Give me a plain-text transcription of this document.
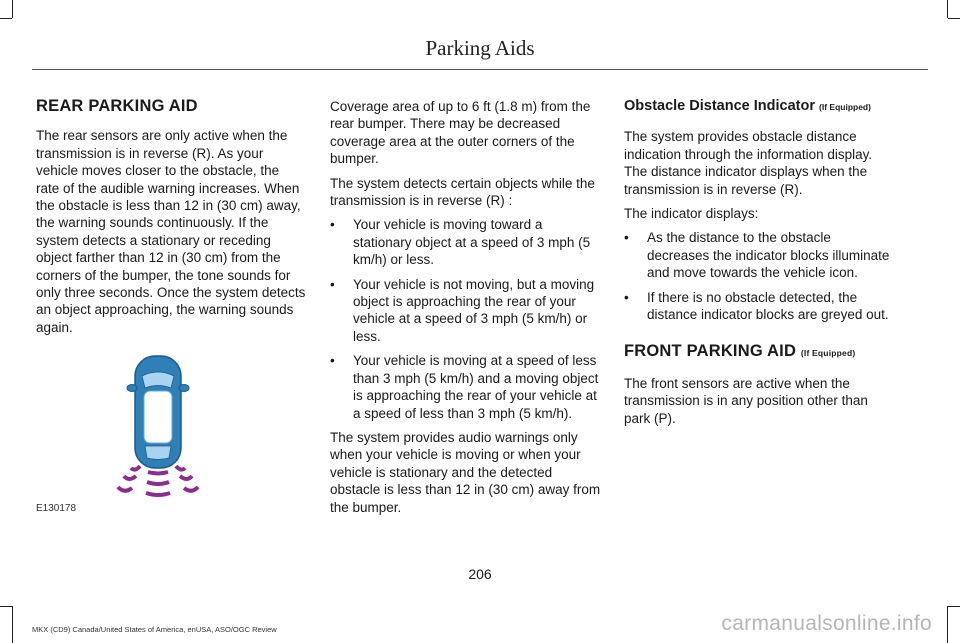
Parking Aids
REAR PARKING AID

The rear sensors are only active when the transmission is in reverse (R). As your vehicle moves closer to the obstacle, the rate of the audible warning increases. When the obstacle is less than 12 in (30 cm) away, the warning sounds continuously. If the system detects a stationary or receding object farther than 12 in (30 cm) from the corners of the bumper, the tone sounds for only three seconds. Once the system detects an object approaching, the warning sounds again.

E130178

Coverage area of up to 6 ft (1.8 m) from the rear bumper. There may be decreased coverage area at the outer corners of the bumper.

The system detects certain objects while the transmission is in reverse (R) :

• Your vehicle is moving toward a stationary object at a speed of 3 mph (5 km/h) or less.
• Your vehicle is not moving, but a moving object is approaching the rear of your vehicle at a speed of 3 mph (5 km/h) or less.
• Your vehicle is moving at a speed of less than 3 mph (5 km/h) and a moving object is approaching the rear of your vehicle at a speed of less than 3 mph (5 km/h).

The system provides audio warnings only when your vehicle is moving or when your vehicle is stationary and the detected obstacle is less than 12 in (30 cm) away from the bumper.

Obstacle Distance Indicator (If Equipped)

The system provides obstacle distance indication through the information display. The distance indicator displays when the transmission is in reverse (R).

The indicator displays:

• As the distance to the obstacle decreases the indicator blocks illuminate and move towards the vehicle icon.
• If there is no obstacle detected, the distance indicator blocks are greyed out.
FRONT PARKING AID (If Equipped)

The front sensors are active when the transmission is in any position other than park (P).

206
MKX (CD9) Canada/United States of America, enUSA, ASO/OGC Review	carmanualsonline.info
